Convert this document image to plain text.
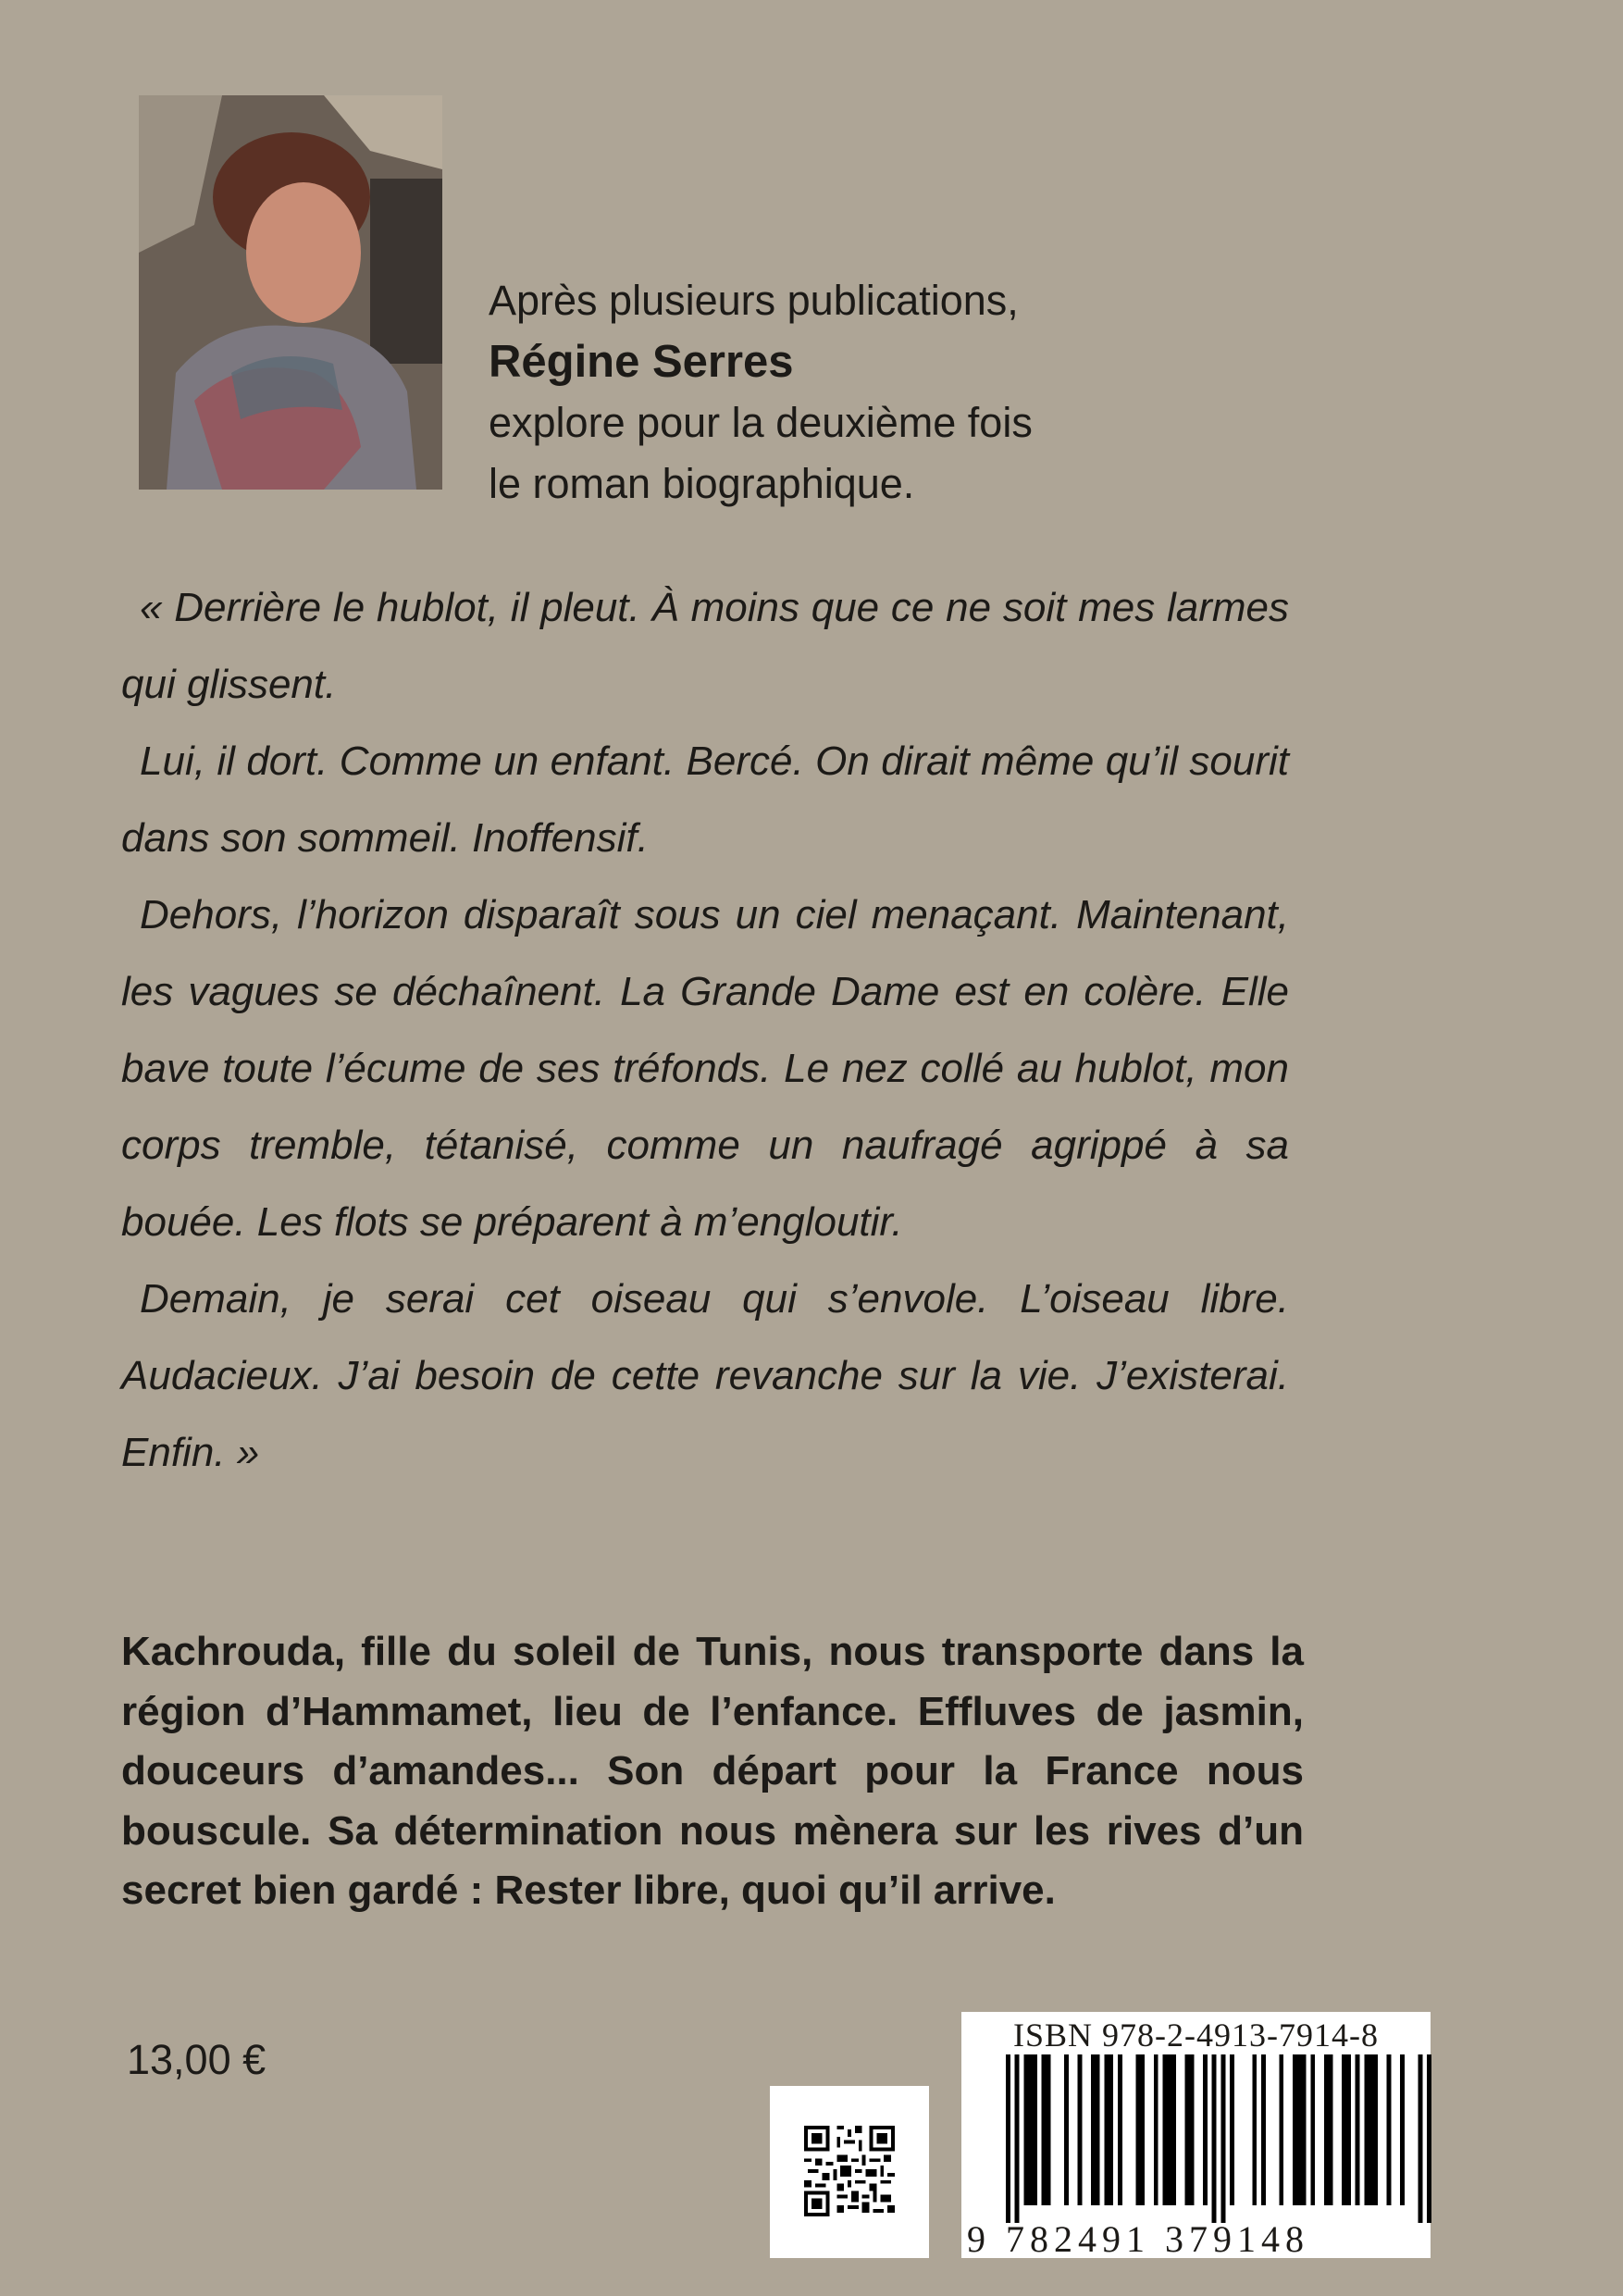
Après plusieurs publications,
Régine Serres
explore pour la deuxième fois
le roman biographique.

« Derrière le hublot, il pleut. À moins que ce ne soit mes larmes qui glissent.

Lui, il dort. Comme un enfant. Bercé. On dirait même qu’il sourit dans son sommeil. Inoffensif.

Dehors, l’horizon disparaît sous un ciel menaçant. Maintenant, les vagues se déchaînent. La Grande Dame est en colère. Elle bave toute l’écume de ses tréfonds. Le nez collé au hublot, mon corps tremble, tétanisé, comme un naufragé agrippé à sa bouée. Les flots se préparent à m’engloutir.

Demain, je serai cet oiseau qui s’envole. L’oiseau libre. Audacieux. J’ai besoin de cette revanche sur la vie. J’existerai. Enfin. »

Kachrouda, fille du soleil de Tunis, nous transporte dans la région d’Hammamet, lieu de l’enfance. Effluves de jasmin, douceurs d’amandes... Son départ pour la France nous bouscule. Sa détermination nous mènera sur les rives d’un secret bien gardé : Rester libre, quoi qu’il arrive.
13,00 €
ISBN 978-2-4913-7914-8
9 782491 379148
